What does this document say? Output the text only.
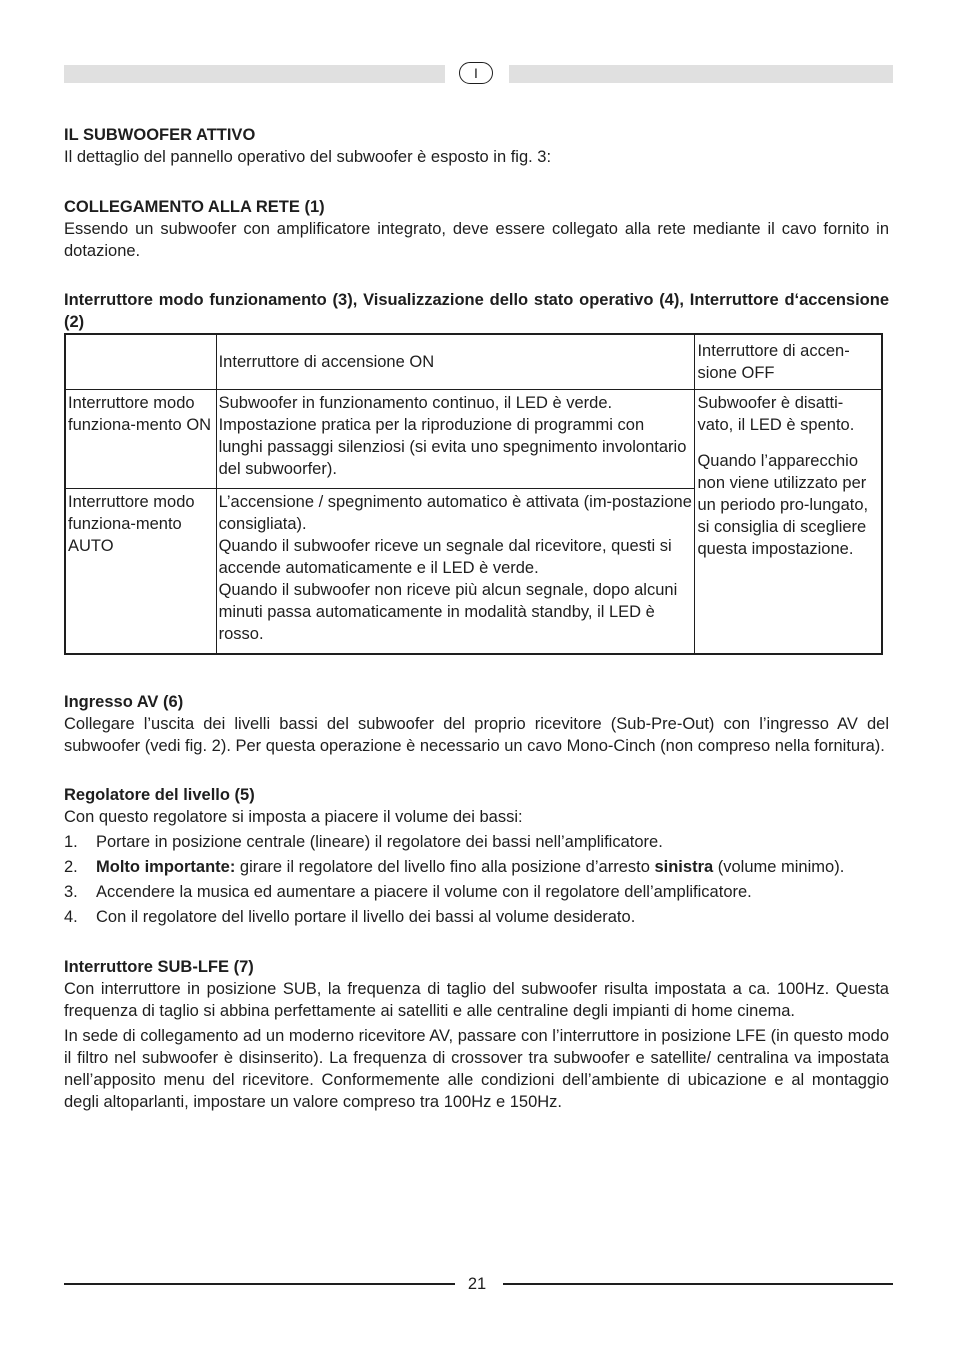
I
IL SUBWOOFER ATTIVO

Il dettaglio del pannello operativo del subwoofer è esposto in fig. 3:

COLLEGAMENTO ALLA RETE (1)

Essendo un subwoofer con amplificatore integrato, deve essere collegato alla rete mediante il cavo fornito in dotazione.

Interruttore modo funzionamento (3), Visualizzazione dello stato operativo (4), Interruttore d‘accensione (2)
	Interruttore di accensione ON	Interruttore di accen-sione OFF
Interruttore modo funziona-mento ON	Subwoofer in funzionamento continuo, il LED è verde. Impostazione pratica per la riproduzione di programmi con lunghi passaggi silenziosi (si evita uno spegnimento involontario del subwoorfer).	Subwoofer è disatti-vato, il LED è spento.
Quando l’apparecchio non viene utilizzato per un periodo pro-lungato, si consiglia di scegliere questa impostazione.
Interruttore modo funziona-mento AUTO	L’accensione / spegnimento automatico è attivata (im-postazione consigliata).
Quando il subwoofer riceve un segnale dal ricevitore, questi si accende automaticamente e il LED è verde.
Quando il subwoofer non riceve più alcun segnale, dopo alcuni minuti passa automaticamente in modalità standby, il LED è rosso.	
Ingresso AV (6)

Collegare l’uscita dei livelli bassi del subwoofer del proprio ricevitore (Sub-Pre-Out) con l’ingresso AV del subwoofer (vedi fig. 2). Per questa operazione è necessario un cavo Mono-Cinch (non compreso nella fornitura).

Regolatore del livello (5)

Con questo regolatore si imposta a piacere il volume dei bassi:

1. Portare in posizione centrale (lineare) il regolatore dei bassi nell’amplificatore.
2. Molto importante: girare il regolatore del livello fino alla posizione d’arresto sinistra (volume minimo).
3. Accendere la musica ed aumentare a piacere il volume con il regolatore dell’amplificatore.
4. Con il regolatore del livello portare il livello dei bassi al volume desiderato.
Interruttore SUB-LFE (7)

Con interruttore in posizione SUB, la frequenza di taglio del subwoofer risulta impostata a ca. 100Hz. Questa frequenza di taglio si abbina perfettamente ai satelliti e alle centraline degli impianti di home cinema.

In sede di collegamento ad un moderno ricevitore AV, passare con l’interruttore in posizione LFE (in questo modo il filtro nel subwoofer è disinserito). La frequenza di crossover tra subwoofer e satellite/ centralina va impostata nell’apposito menu del ricevitore. Conformemente alle condizioni dell’ambiente di ubicazione e al montaggio degli altoparlanti, impostare un valore compreso tra 100Hz e 150Hz.

21
